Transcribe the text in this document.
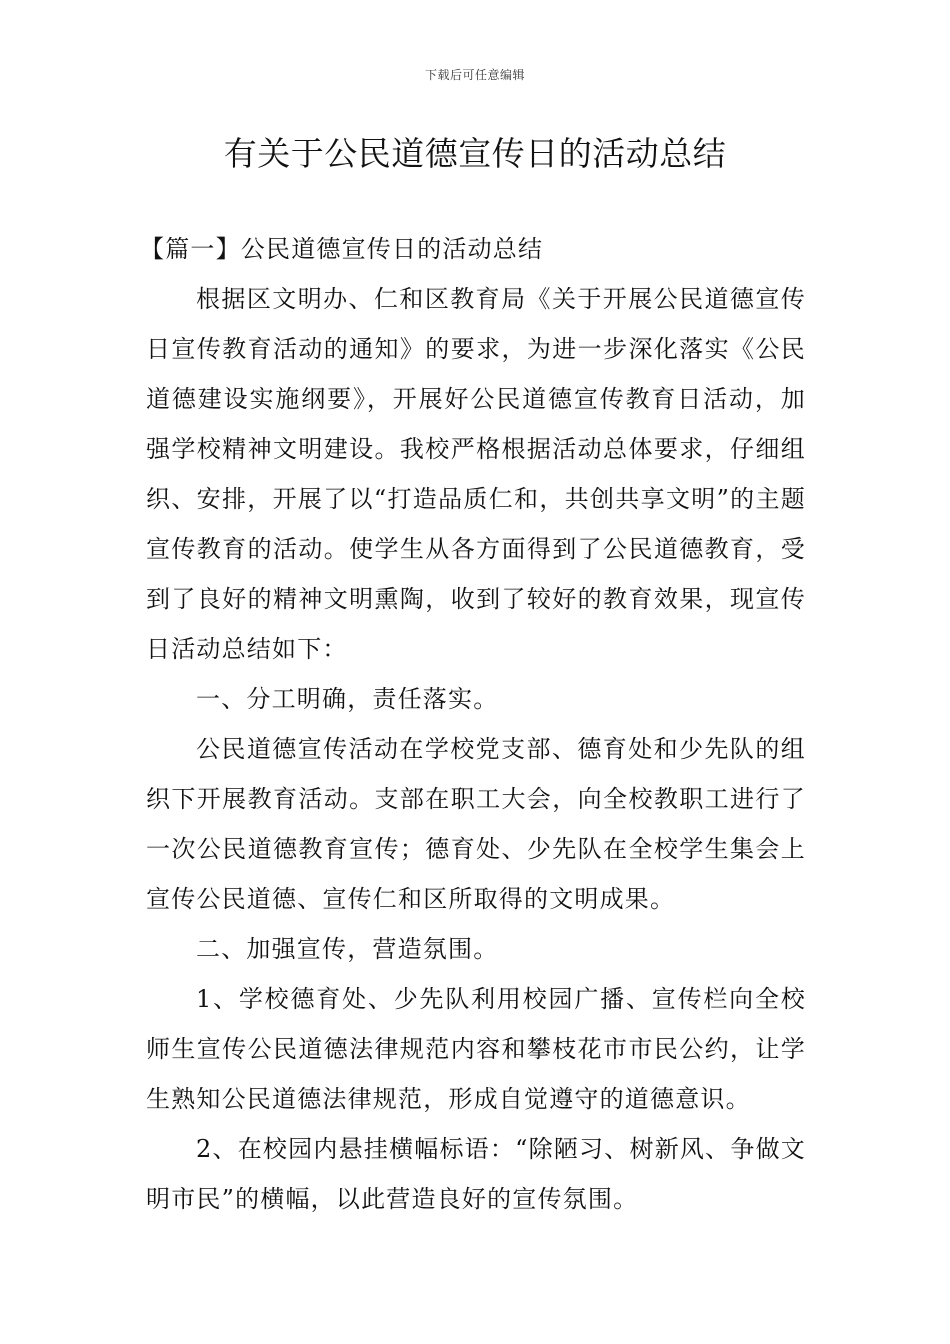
下载后可任意编辑
有关于公民道德宣传日的活动总结

【篇一】公民道德宣传日的活动总结

根据区文明办、仁和区教育局《关于开展公民道德宣传日宣传教育活动的通知》的要求，为进一步深化落实《公民道德建设实施纲要》，开展好公民道德宣传教育日活动，加强学校精神文明建设。我校严格根据活动总体要求，仔细组织、安排，开展了以“打造品质仁和，共创共享文明”的主题宣传教育的活动。使学生从各方面得到了公民道德教育，受到了良好的精神文明熏陶，收到了较好的教育效果，现宣传日活动总结如下：

一、分工明确，责任落实。

公民道德宣传活动在学校党支部、德育处和少先队的组织下开展教育活动。支部在职工大会，向全校教职工进行了一次公民道德教育宣传；德育处、少先队在全校学生集会上宣传公民道德、宣传仁和区所取得的文明成果。

二、加强宣传，营造氛围。

1、学校德育处、少先队利用校园广播、宣传栏向全校师生宣传公民道德法律规范内容和攀枝花市市民公约，让学生熟知公民道德法律规范，形成自觉遵守的道德意识。

2、在校园内悬挂横幅标语：“除陋习、树新风、争做文明市民”的横幅，以此营造良好的宣传氛围。
